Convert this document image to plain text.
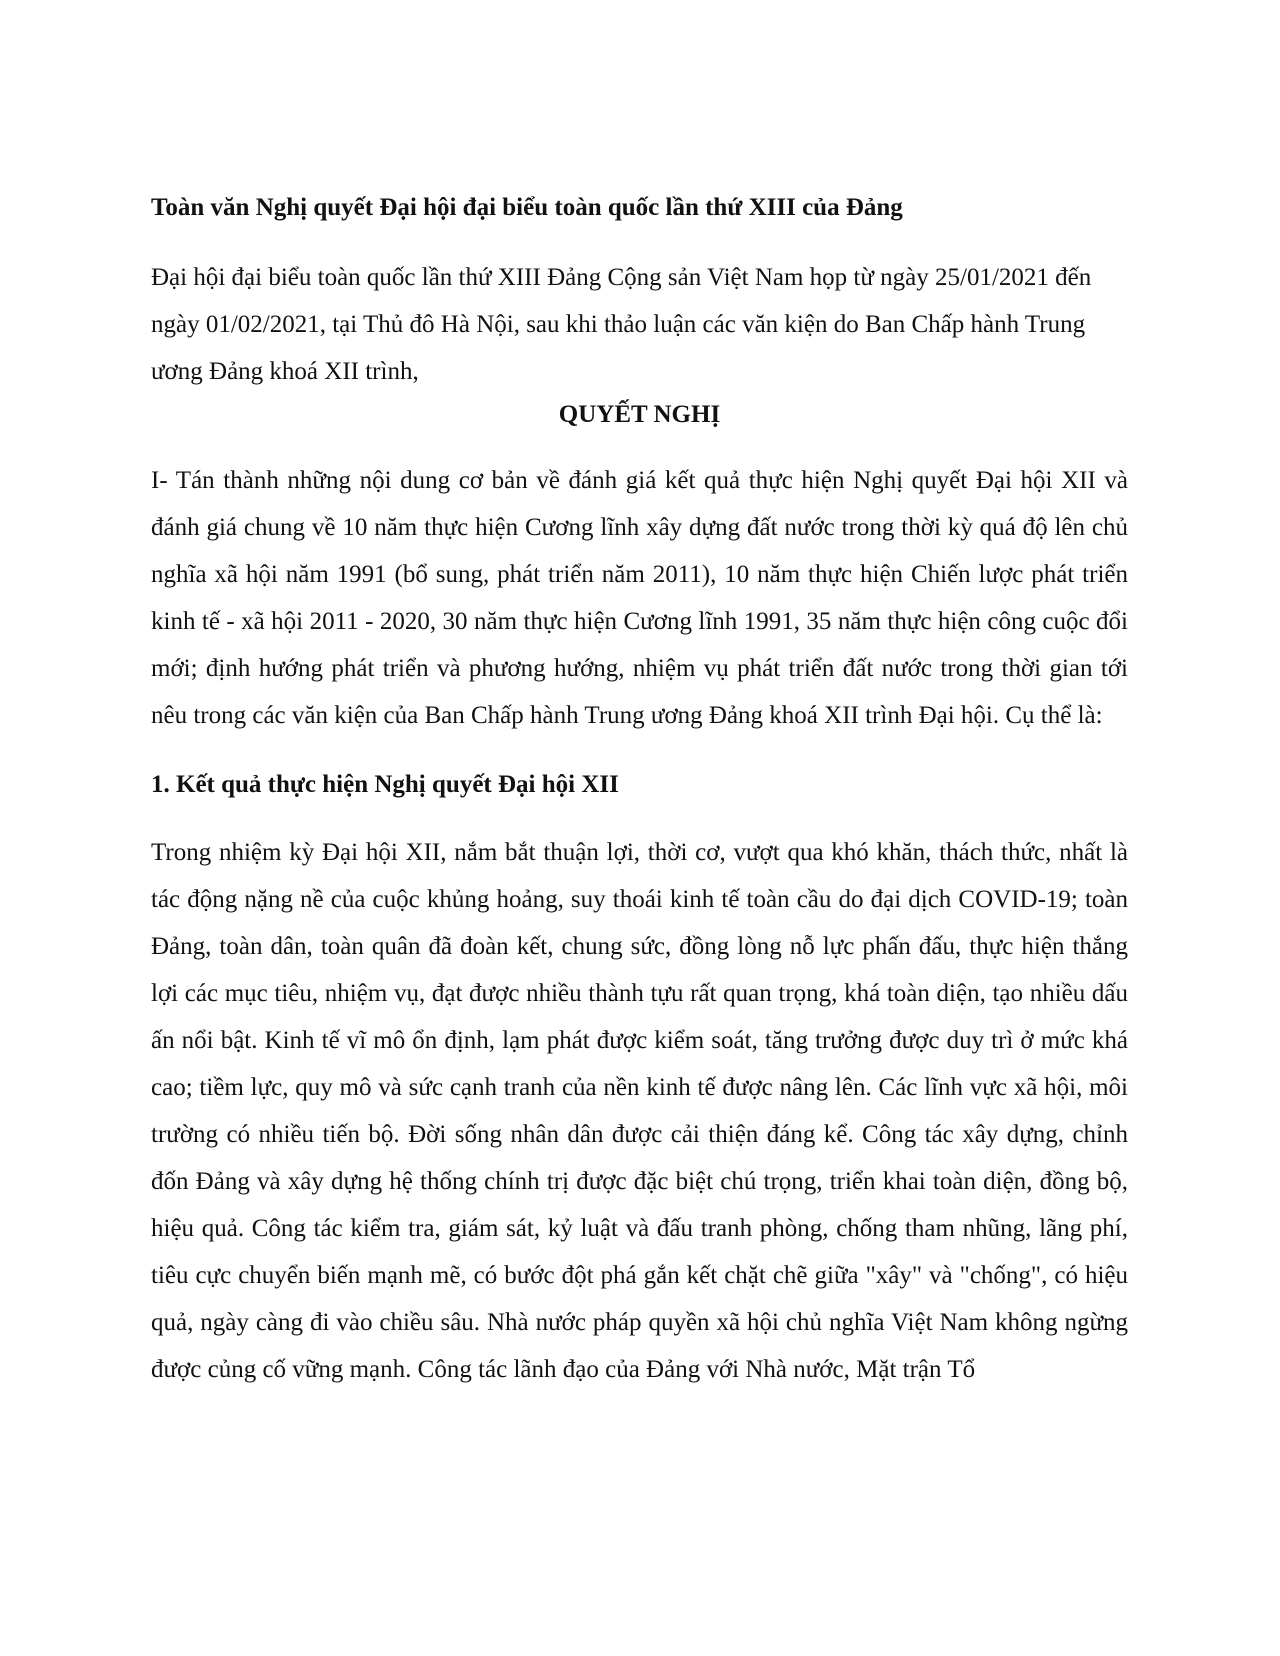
Toàn văn Nghị quyết Đại hội đại biểu toàn quốc lần thứ XIII của Đảng

Đại hội đại biểu toàn quốc lần thứ XIII Đảng Cộng sản Việt Nam họp từ ngày 25/01/2021 đến ngày 01/02/2021, tại Thủ đô Hà Nội, sau khi thảo luận các văn kiện do Ban Chấp hành Trung ương Đảng khoá XII trình,

QUYẾT NGHỊ

I- Tán thành những nội dung cơ bản về đánh giá kết quả thực hiện Nghị quyết Đại hội XII và đánh giá chung về 10 năm thực hiện Cương lĩnh xây dựng đất nước trong thời kỳ quá độ lên chủ nghĩa xã hội năm 1991 (bổ sung, phát triển năm 2011), 10 năm thực hiện Chiến lược phát triển kinh tế - xã hội 2011 - 2020, 30 năm thực hiện Cương lĩnh 1991, 35 năm thực hiện công cuộc đổi mới; định hướng phát triển và phương hướng, nhiệm vụ phát triển đất nước trong thời gian tới nêu trong các văn kiện của Ban Chấp hành Trung ương Đảng khoá XII trình Đại hội. Cụ thể là:

1. Kết quả thực hiện Nghị quyết Đại hội XII

Trong nhiệm kỳ Đại hội XII, nắm bắt thuận lợi, thời cơ, vượt qua khó khăn, thách thức, nhất là tác động nặng nề của cuộc khủng hoảng, suy thoái kinh tế toàn cầu do đại dịch COVID-19; toàn Đảng, toàn dân, toàn quân đã đoàn kết, chung sức, đồng lòng nỗ lực phấn đấu, thực hiện thắng lợi các mục tiêu, nhiệm vụ, đạt được nhiều thành tựu rất quan trọng, khá toàn diện, tạo nhiều dấu ấn nổi bật. Kinh tế vĩ mô ổn định, lạm phát được kiểm soát, tăng trưởng được duy trì ở mức khá cao; tiềm lực, quy mô và sức cạnh tranh của nền kinh tế được nâng lên. Các lĩnh vực xã hội, môi trường có nhiều tiến bộ. Đời sống nhân dân được cải thiện đáng kể. Công tác xây dựng, chỉnh đốn Đảng và xây dựng hệ thống chính trị được đặc biệt chú trọng, triển khai toàn diện, đồng bộ, hiệu quả. Công tác kiểm tra, giám sát, kỷ luật và đấu tranh phòng, chống tham nhũng, lãng phí, tiêu cực chuyển biến mạnh mẽ, có bước đột phá gắn kết chặt chẽ giữa "xây" và "chống", có hiệu quả, ngày càng đi vào chiều sâu. Nhà nước pháp quyền xã hội chủ nghĩa Việt Nam không ngừng được củng cố vững mạnh. Công tác lãnh đạo của Đảng với Nhà nước, Mặt trận Tổ
